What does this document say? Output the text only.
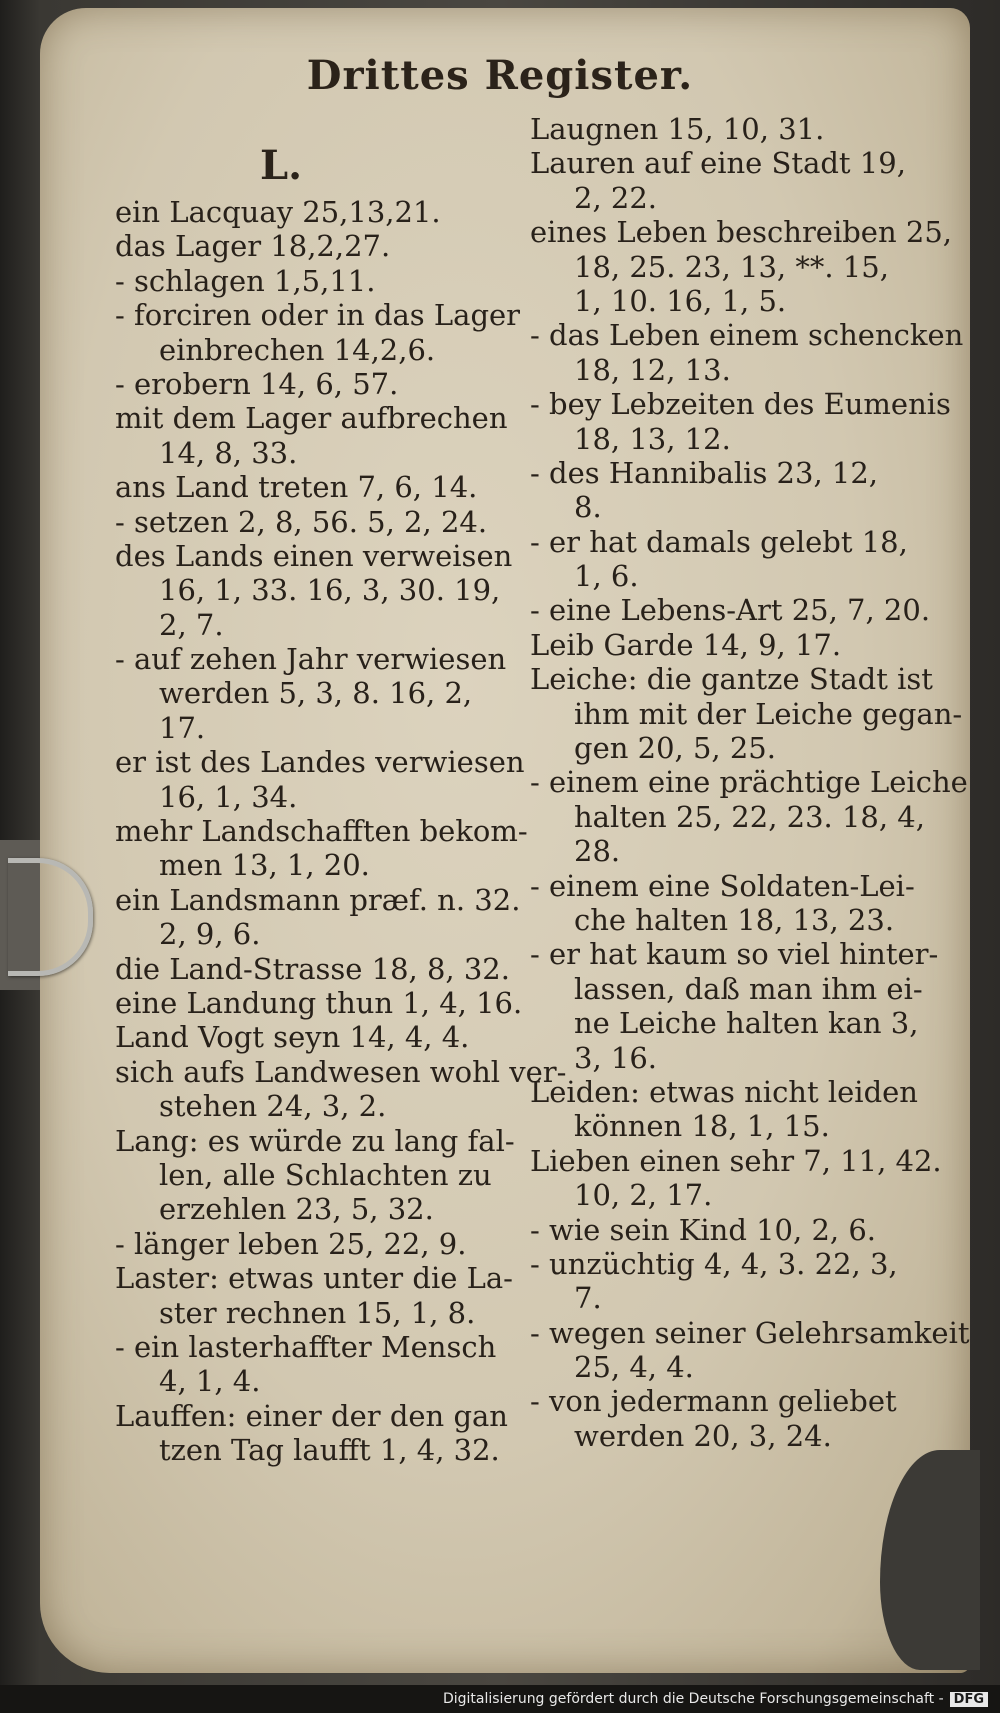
Drittes Register.
L.
ein Lacquay 25,13,21.
das Lager 18,2,27.
- schlagen 1,5,11.
- forciren oder in das Lager
einbrechen 14,2,6.
- erobern 14, 6, 57.
mit dem Lager aufbrechen
14, 8, 33.
ans Land treten 7, 6, 14.
- setzen 2, 8, 56. 5, 2, 24.
des Lands einen verweisen
16, 1, 33. 16, 3, 30. 19,
2, 7.
- auf zehen Jahr verwiesen
werden 5, 3, 8. 16, 2,
17.
er ist des Landes verwiesen
16, 1, 34.
mehr Landschafften bekom-
men 13, 1, 20.
ein Landsmann præf. n. 32.
2, 9, 6.
die Land-Strasse 18, 8, 32.
eine Landung thun 1, 4, 16.
Land Vogt seyn 14, 4, 4.
sich aufs Landwesen wohl ver-
stehen 24, 3, 2.
Lang: es würde zu lang fal-
len, alle Schlachten zu
erzehlen 23, 5, 32.
- länger leben 25, 22, 9.
Laster: etwas unter die La-
ster rechnen 15, 1, 8.
- ein lasterhaffter Mensch
4, 1, 4.
Lauffen: einer der den gan
tzen Tag laufft 1, 4, 32.
Laugnen 15, 10, 31.
Lauren auf eine Stadt 19,
2, 22.
eines Leben beschreiben 25,
18, 25. 23, 13, **. 15,
1, 10. 16, 1, 5.
- das Leben einem schencken
18, 12, 13.
- bey Lebzeiten des Eumenis
18, 13, 12.
- des Hannibalis 23, 12,
8.
- er hat damals gelebt 18,
1, 6.
- eine Lebens-Art 25, 7, 20.
Leib Garde 14, 9, 17.
Leiche: die gantze Stadt ist
ihm mit der Leiche gegan-
gen 20, 5, 25.
- einem eine prächtige Leiche
halten 25, 22, 23. 18, 4,
28.
- einem eine Soldaten-Lei-
che halten 18, 13, 23.
- er hat kaum so viel hinter-
lassen, daß man ihm ei-
ne Leiche halten kan 3,
3, 16.
Leiden: etwas nicht leiden
können 18, 1, 15.
Lieben einen sehr 7, 11, 42.
10, 2, 17.
- wie sein Kind 10, 2, 6.
- unzüchtig 4, 4, 3. 22, 3,
7.
- wegen seiner Gelehrsamkeit
25, 4, 4.
- von jedermann geliebet
werden 20, 3, 24.
Digitalisierung gefördert durch die Deutsche Forschungsgemeinschaft - DFG
